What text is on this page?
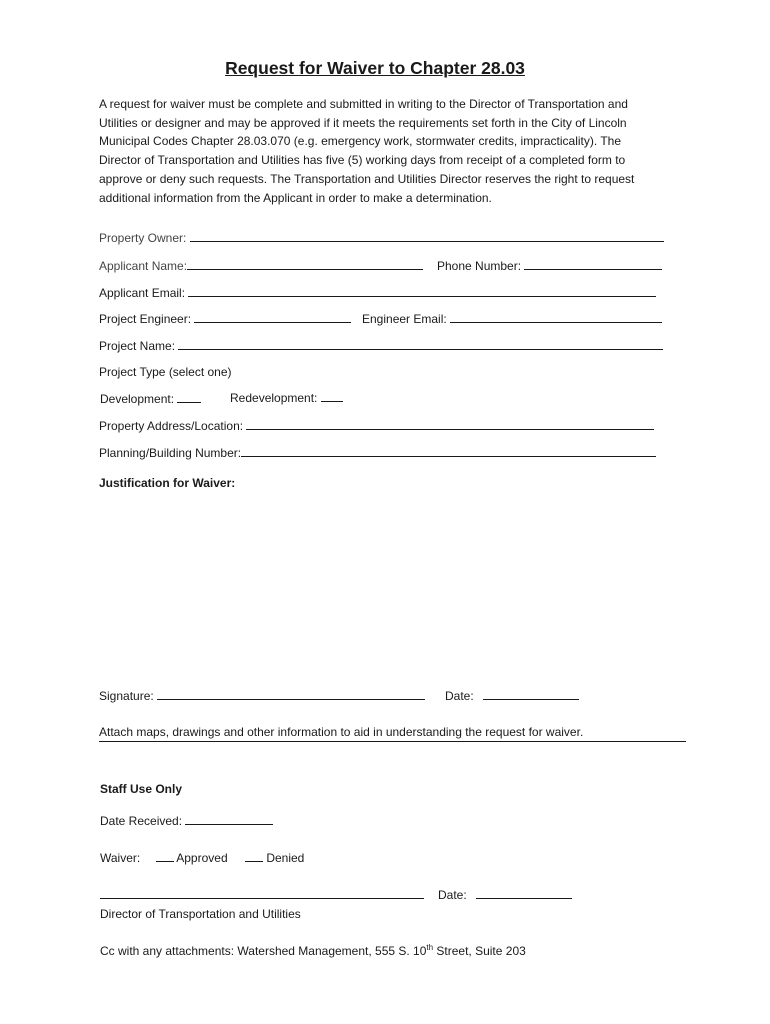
Request for Waiver to Chapter 28.03
A request for waiver must be complete and submitted in writing to the Director of Transportation and
Utilities or designer and may be approved if it meets the requirements set forth in the City of Lincoln
Municipal Codes Chapter 28.03.070 (e.g. emergency work, stormwater credits, impracticality). The
Director of Transportation and Utilities has five (5) working days from receipt of a completed form to
approve or deny such requests. The Transportation and Utilities Director reserves the right to request
additional information from the Applicant in order to make a determination.
Property Owner:
Applicant Name:	Phone Number:
Applicant Email:
Project Engineer:	Engineer Email:
Project Name:
Project Type (select one)
Development:	Redevelopment:
Property Address/Location:
Planning/Building Number:
Justification for Waiver:
Signature:	Date:
Attach maps, drawings and other information to aid in understanding the request for waiver.
Staff Use Only
Date Received:
Waiver:	Approved	Denied
Date:
Director of Transportation and Utilities
Cc with any attachments: Watershed Management, 555 S. 10th Street, Suite 203
